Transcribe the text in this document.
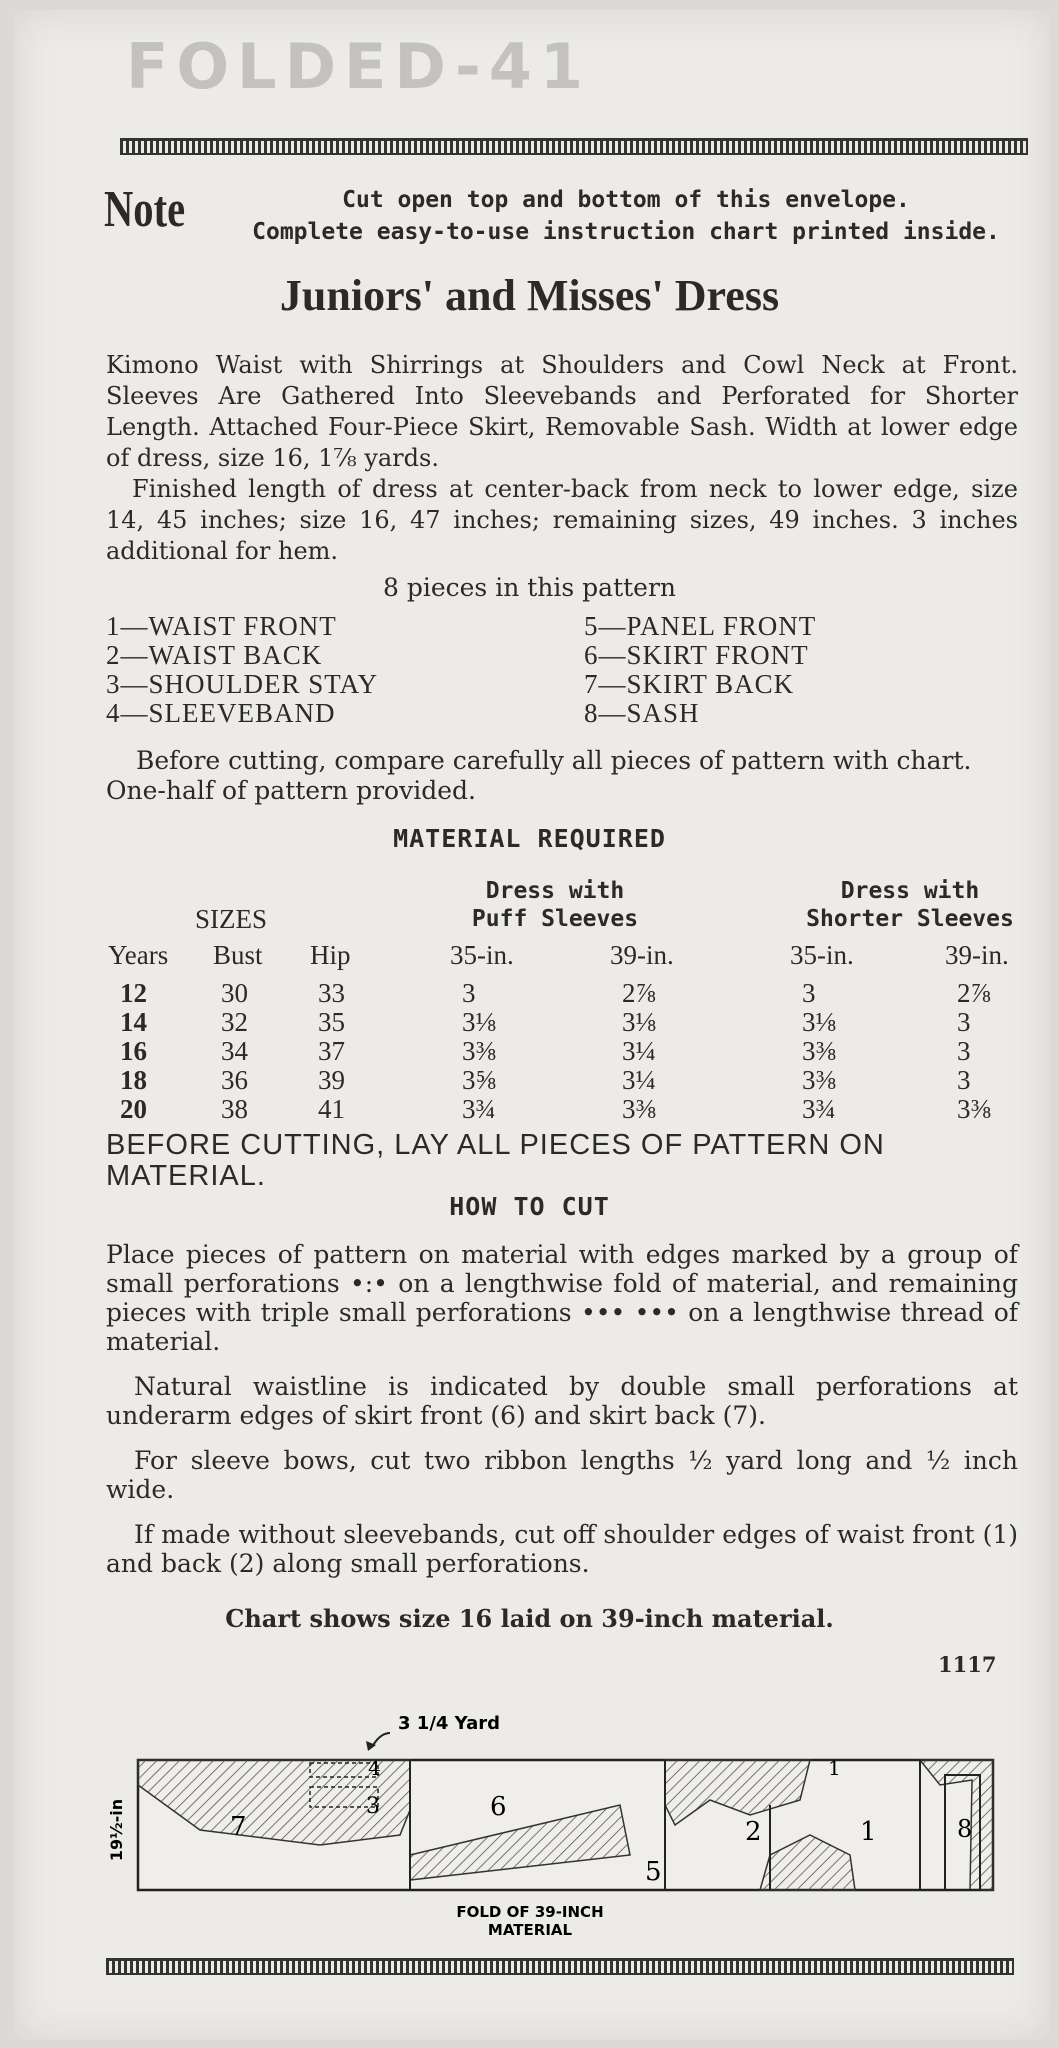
FOLDED-41
Note	Cut open top and bottom of this envelope.
Complete easy-to-use instruction chart printed inside.
Juniors' and Misses' Dress
Kimono Waist with Shirrings at Shoulders and Cowl Neck at Front. Sleeves Are Gathered Into Sleevebands and Perforated for Shorter Length. Attached Four-Piece Skirt, Removable Sash. Width at lower edge of dress, size 16, 1⅞ yards.
Finished length of dress at center-back from neck to lower edge, size 14, 45 inches; size 16, 47 inches; remaining sizes, 49 inches. 3 inches additional for hem.
8 pieces in this pattern
1—WAIST FRONT
2—WAIST BACK
3—SHOULDER STAY
4—SLEEVEBAND
5—PANEL FRONT
6—SKIRT FRONT
7—SKIRT BACK
8—SASH
Before cutting, compare carefully all pieces of pattern with chart. One-half of pattern provided.
MATERIAL REQUIRED
SIZES
Dress with
Puff Sleeves
Dress with
Shorter Sleeves
Years Bust Hip	35-in.	39-in.	35-in.	39-in.
12	30	33	3	2⅞	3	2⅞
14	32	35	3⅛	3⅛	3⅛	3
16	34	37	3⅜	3¼	3⅜	3
18	36	39	3⅝	3¼	3⅜	3
20	38	41	3¾	3⅜	3¾	3⅜
BEFORE CUTTING, LAY ALL PIECES OF PATTERN ON MATERIAL.
HOW TO CUT

Place pieces of pattern on material with edges marked by a group of small perforations •:• on a lengthwise fold of material, and remaining pieces with triple small perforations ••• ••• on a lengthwise thread of material.

Natural waistline is indicated by double small perforations at underarm edges of skirt front (6) and skirt back (7).

For sleeve bows, cut two ribbon lengths ½ yard long and ½ inch wide.

If made without sleevebands, cut off shoulder edges of waist front (1) and back (2) along small perforations.

Chart shows size 16 laid on 39-inch material.
1117
7
6
5
2	1	8
4
3
1
3 1/4 Yard
19½-in
FOLD OF 39-INCH
MATERIAL
